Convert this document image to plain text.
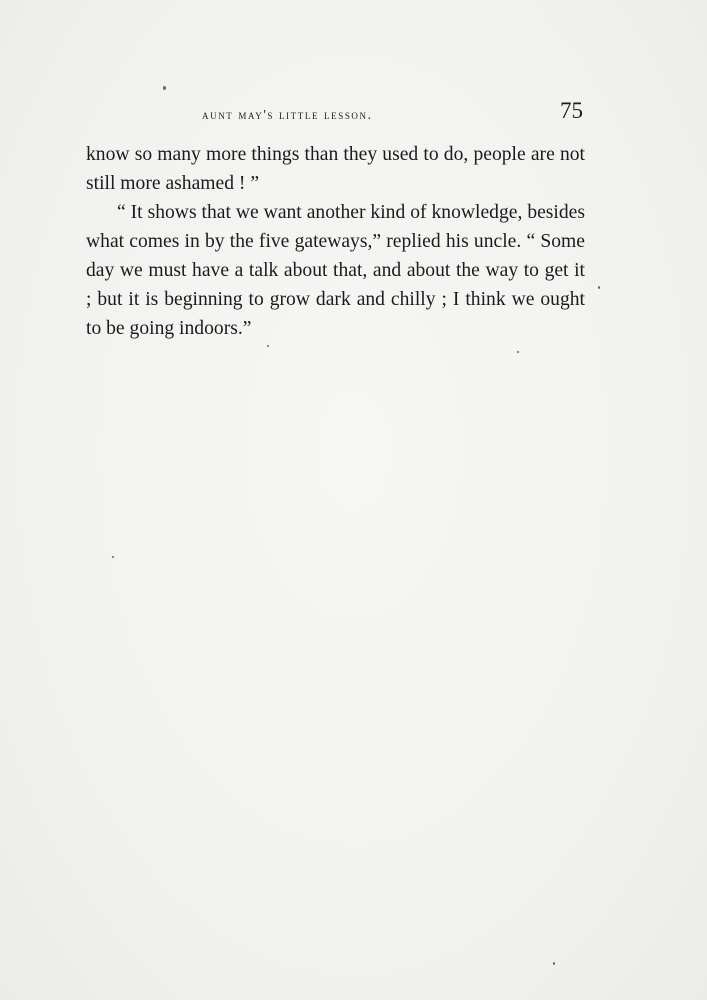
aunt may's little lesson.	75

know so many more things than they used to do, people are not still more ashamed ! ”

“ It shows that we want another kind of knowledge, besides what comes in by the five gateways,” replied his uncle. “ Some day we must have a talk about that, and about the way to get it ; but it is beginning to grow dark and chilly ; I think we ought to be going indoors.”
